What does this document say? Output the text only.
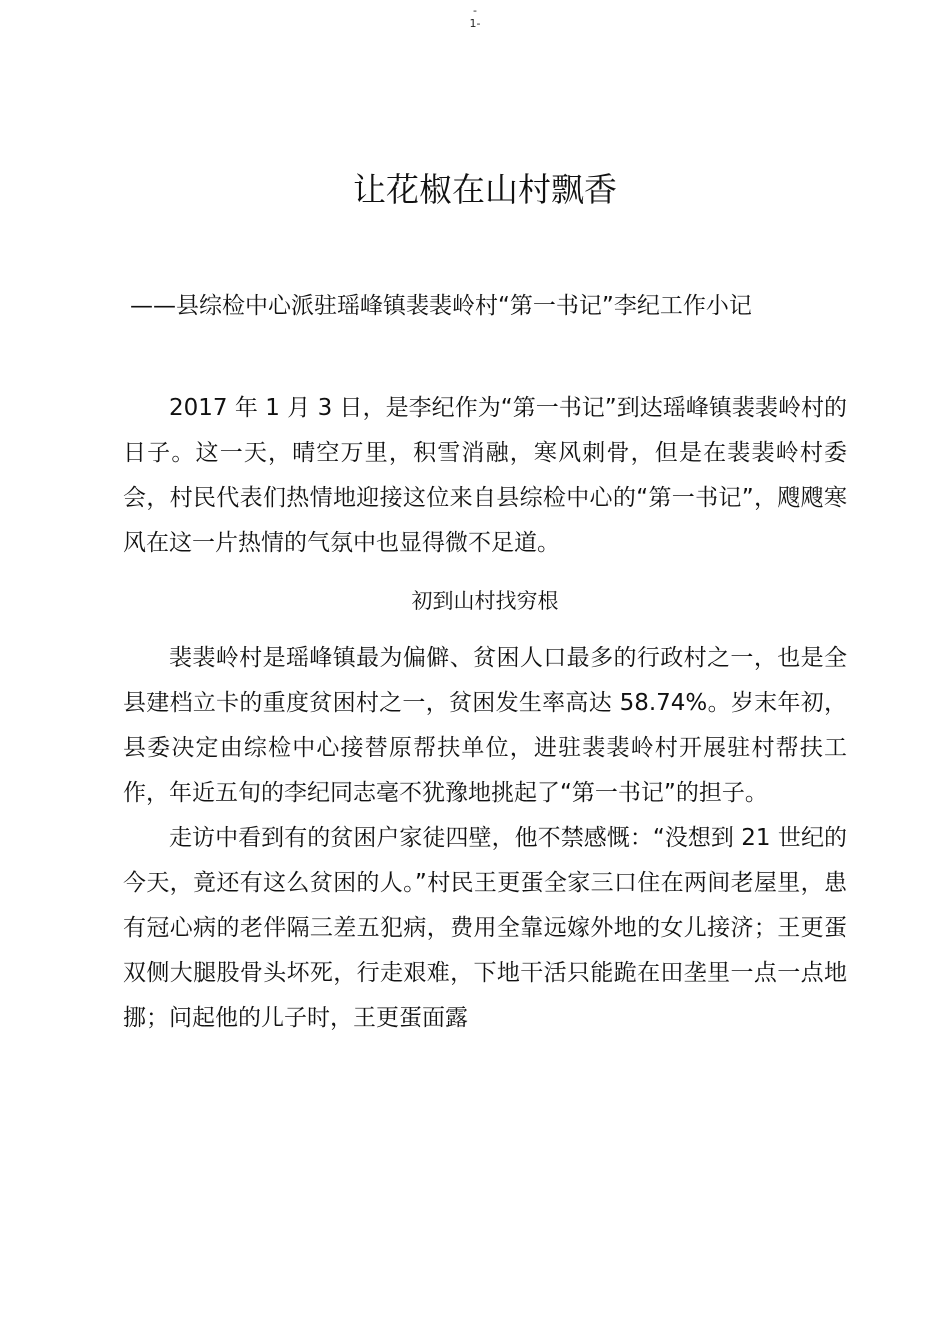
-
1-
让花椒在山村飘香
——县综检中心派驻瑶峰镇裴裴岭村“第一书记”李纪工作小记

2017 年 1 月 3 日，是李纪作为“第一书记”到达瑶峰镇裴裴岭村的日子。这一天，晴空万里，积雪消融，寒风刺骨，但是在裴裴岭村委会，村民代表们热情地迎接这位来自县综检中心的“第一书记”，飕飕寒风在这一片热情的气氛中也显得微不足道。

初到山村找穷根

裴裴岭村是瑶峰镇最为偏僻、贫困人口最多的行政村之一，也是全县建档立卡的重度贫困村之一，贫困发生率高达 58.74%。岁末年初，县委决定由综检中心接替原帮扶单位，进驻裴裴岭村开展驻村帮扶工作，年近五旬的李纪同志毫不犹豫地挑起了“第一书记”的担子。

走访中看到有的贫困户家徒四壁，他不禁感慨：“没想到 21 世纪的今天，竟还有这么贫困的人。”村民王更蛋全家三口住在两间老屋里，患有冠心病的老伴隔三差五犯病，费用全靠远嫁外地的女儿接济；王更蛋双侧大腿股骨头坏死，行走艰难，下地干活只能跪在田垄里一点一点地挪；问起他的儿子时，王更蛋面露
